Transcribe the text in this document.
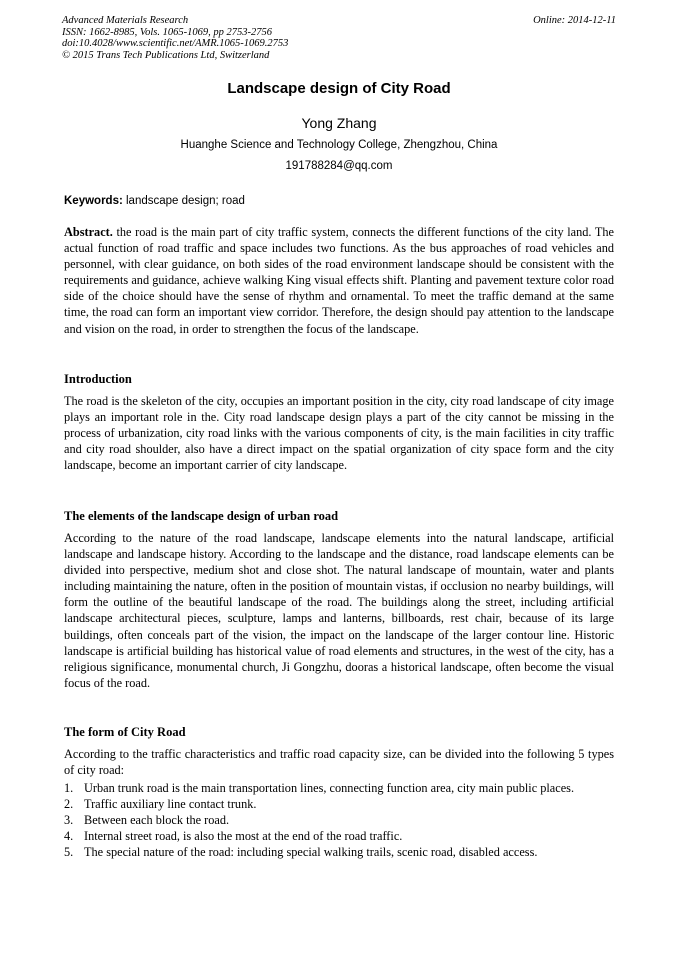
Advanced Materials Research
ISSN: 1662-8985, Vols. 1065-1069, pp 2753-2756
doi:10.4028/www.scientific.net/AMR.1065-1069.2753
© 2015 Trans Tech Publications Ltd, Switzerland
Online: 2014-12-11
Landscape design of City Road
Yong Zhang
Huanghe Science and Technology College, Zhengzhou, China
191788284@qq.com
Keywords: landscape design; road
Abstract. the road is the main part of city traffic system, connects the different functions of the city land. The actual function of road traffic and space includes two functions. As the bus approaches of road vehicles and personnel, with clear guidance, on both sides of the road environment landscape should be consistent with the requirements and guidance, achieve walking King visual effects shift. Planting and pavement texture color road side of the choice should have the sense of rhythm and ornamental. To meet the traffic demand at the same time, the road can form an important view corridor. Therefore, the design should pay attention to the landscape and vision on the road, in order to strengthen the focus of the landscape.
Introduction
The road is the skeleton of the city, occupies an important position in the city, city road landscape of city image plays an important role in the. City road landscape design plays a part of the city cannot be missing in the process of urbanization, city road links with the various components of city, is the main facilities in city traffic and city road shoulder, also have a direct impact on the spatial organization of city space form and the city landscape, become an important carrier of city landscape.
The elements of the landscape design of urban road
According to the nature of the road landscape, landscape elements into the natural landscape, artificial landscape and landscape history. According to the landscape and the distance, road landscape elements can be divided into perspective, medium shot and close shot. The natural landscape of mountain, water and plants including maintaining the nature, often in the position of mountain vistas, if occlusion no nearby buildings, will form the outline of the beautiful landscape of the road. The buildings along the street, including artificial landscape architectural pieces, sculpture, lamps and lanterns, billboards, rest chair, because of its large buildings, often conceals part of the vision, the impact on the landscape of the larger contour line. Historic landscape is artificial building has historical value of road elements and structures, in the west of the city, has a religious significance, monumental church, Ji Gongzhu, dooras a historical landscape, often become the visual focus of the road.
The form of City Road
According to the traffic characteristics and traffic road capacity size, can be divided into the following 5 types of city road:
1. Urban trunk road is the main transportation lines, connecting function area, city main public places.
2. Traffic auxiliary line contact trunk.
3. Between each block the road.
4. Internal street road, is also the most at the end of the road traffic.
5. The special nature of the road: including special walking trails, scenic road, disabled access.
